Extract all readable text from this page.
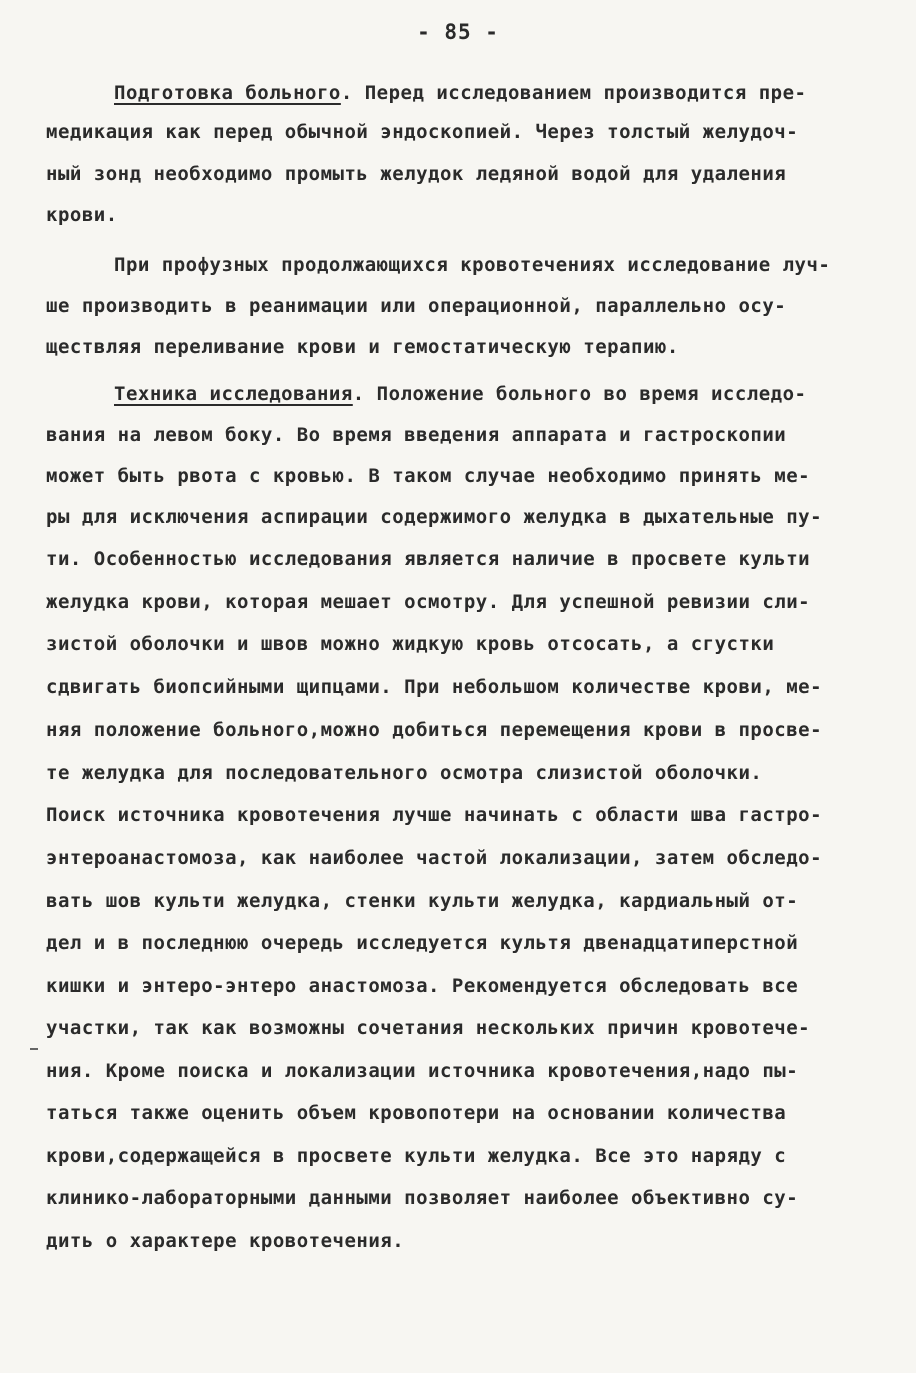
- 85 -
Подготовка больного. Перед исследованием производится пре-
медикация как перед обычной эндоскопией. Через толстый желудоч-
ный зонд необходимо промыть желудок ледяной водой для удаления
крови.
При профузных продолжающихся кровотечениях исследование луч-
ше производить в реанимации или операционной, параллельно осу-
ществляя переливание крови и гемостатическую терапию.
Техника исследования. Положение больного во время исследо-
вания на левом боку. Во время введения аппарата и гастроскопии
может быть рвота с кровью. В таком случае необходимо принять ме-
ры для исключения аспирации содержимого желудка в дыхательные пу-
ти. Особенностью исследования является наличие в просвете культи
желудка крови, которая мешает осмотру. Для успешной ревизии сли-
зистой оболочки и швов можно жидкую кровь отсосать, а сгустки
сдвигать биопсийными щипцами. При небольшом количестве крови, ме-
няя положение больного,можно добиться перемещения крови в просве-
те желудка для последовательного осмотра слизистой оболочки.
Поиск источника кровотечения лучше начинать с области шва гастро-
энтероанастомоза, как наиболее частой локализации, затем обследо-
вать шов культи желудка, стенки культи желудка, кардиальный от-
дел и в последнюю очередь исследуется культя двенадцатиперстной
кишки и энтеро-энтеро анастомоза. Рекомендуется обследовать все
участки, так как возможны сочетания нескольких причин кровотече-
ния. Кроме поиска и локализации источника кровотечения,надо пы-
таться также оценить объем кровопотери на основании количества
крови,содержащейся в просвете культи желудка. Все это наряду с
клинико-лабораторными данными позволяет наиболее объективно су-
дить о характере кровотечения.
